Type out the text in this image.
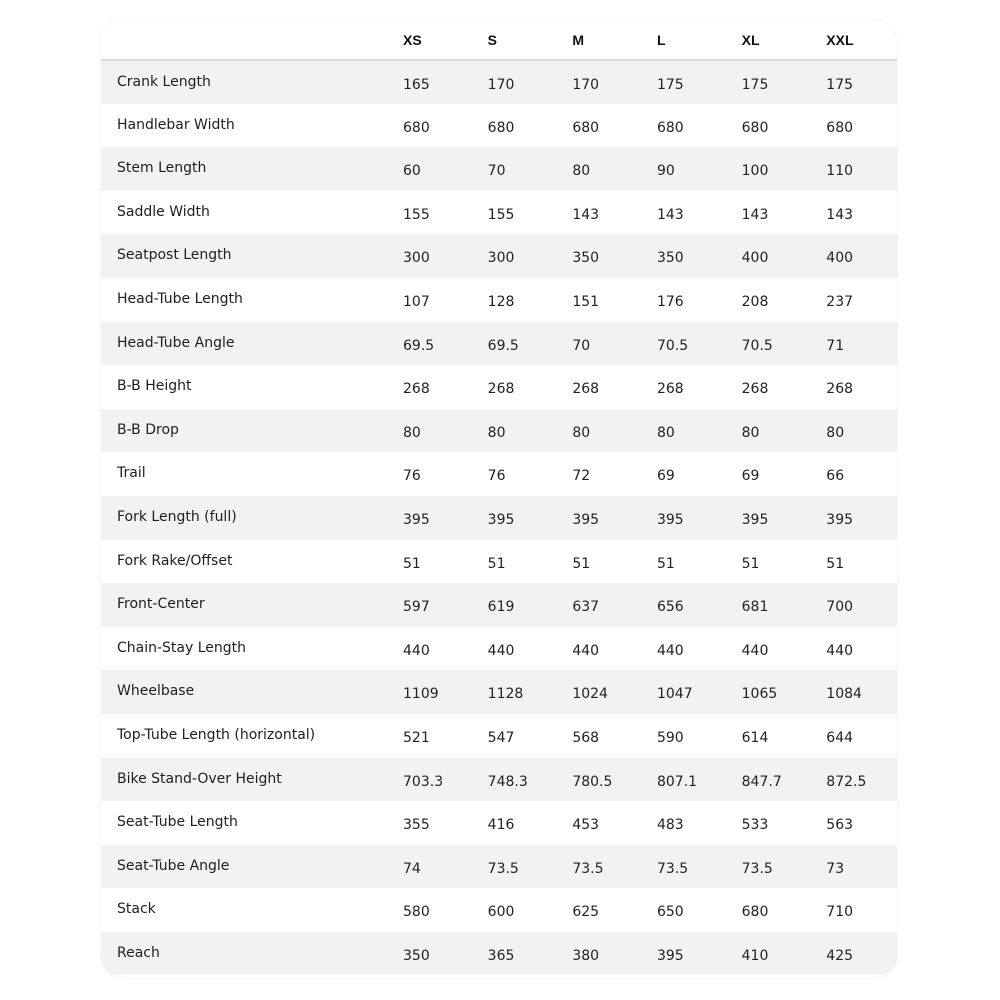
	XS	S	M	L	XL	XXL
Crank Length	165	170	170	175	175	175
Handlebar Width	680	680	680	680	680	680
Stem Length	60	70	80	90	100	110
Saddle Width	155	155	143	143	143	143
Seatpost Length	300	300	350	350	400	400
Head-Tube Length	107	128	151	176	208	237
Head-Tube Angle	69.5	69.5	70	70.5	70.5	71
B-B Height	268	268	268	268	268	268
B-B Drop	80	80	80	80	80	80
Trail	76	76	72	69	69	66
Fork Length (full)	395	395	395	395	395	395
Fork Rake/Offset	51	51	51	51	51	51
Front-Center	597	619	637	656	681	700
Chain-Stay Length	440	440	440	440	440	440
Wheelbase	1109	1128	1024	1047	1065	1084
Top-Tube Length (horizontal)	521	547	568	590	614	644
Bike Stand-Over Height	703.3	748.3	780.5	807.1	847.7	872.5
Seat-Tube Length	355	416	453	483	533	563
Seat-Tube Angle	74	73.5	73.5	73.5	73.5	73
Stack	580	600	625	650	680	710
Reach	350	365	380	395	410	425
